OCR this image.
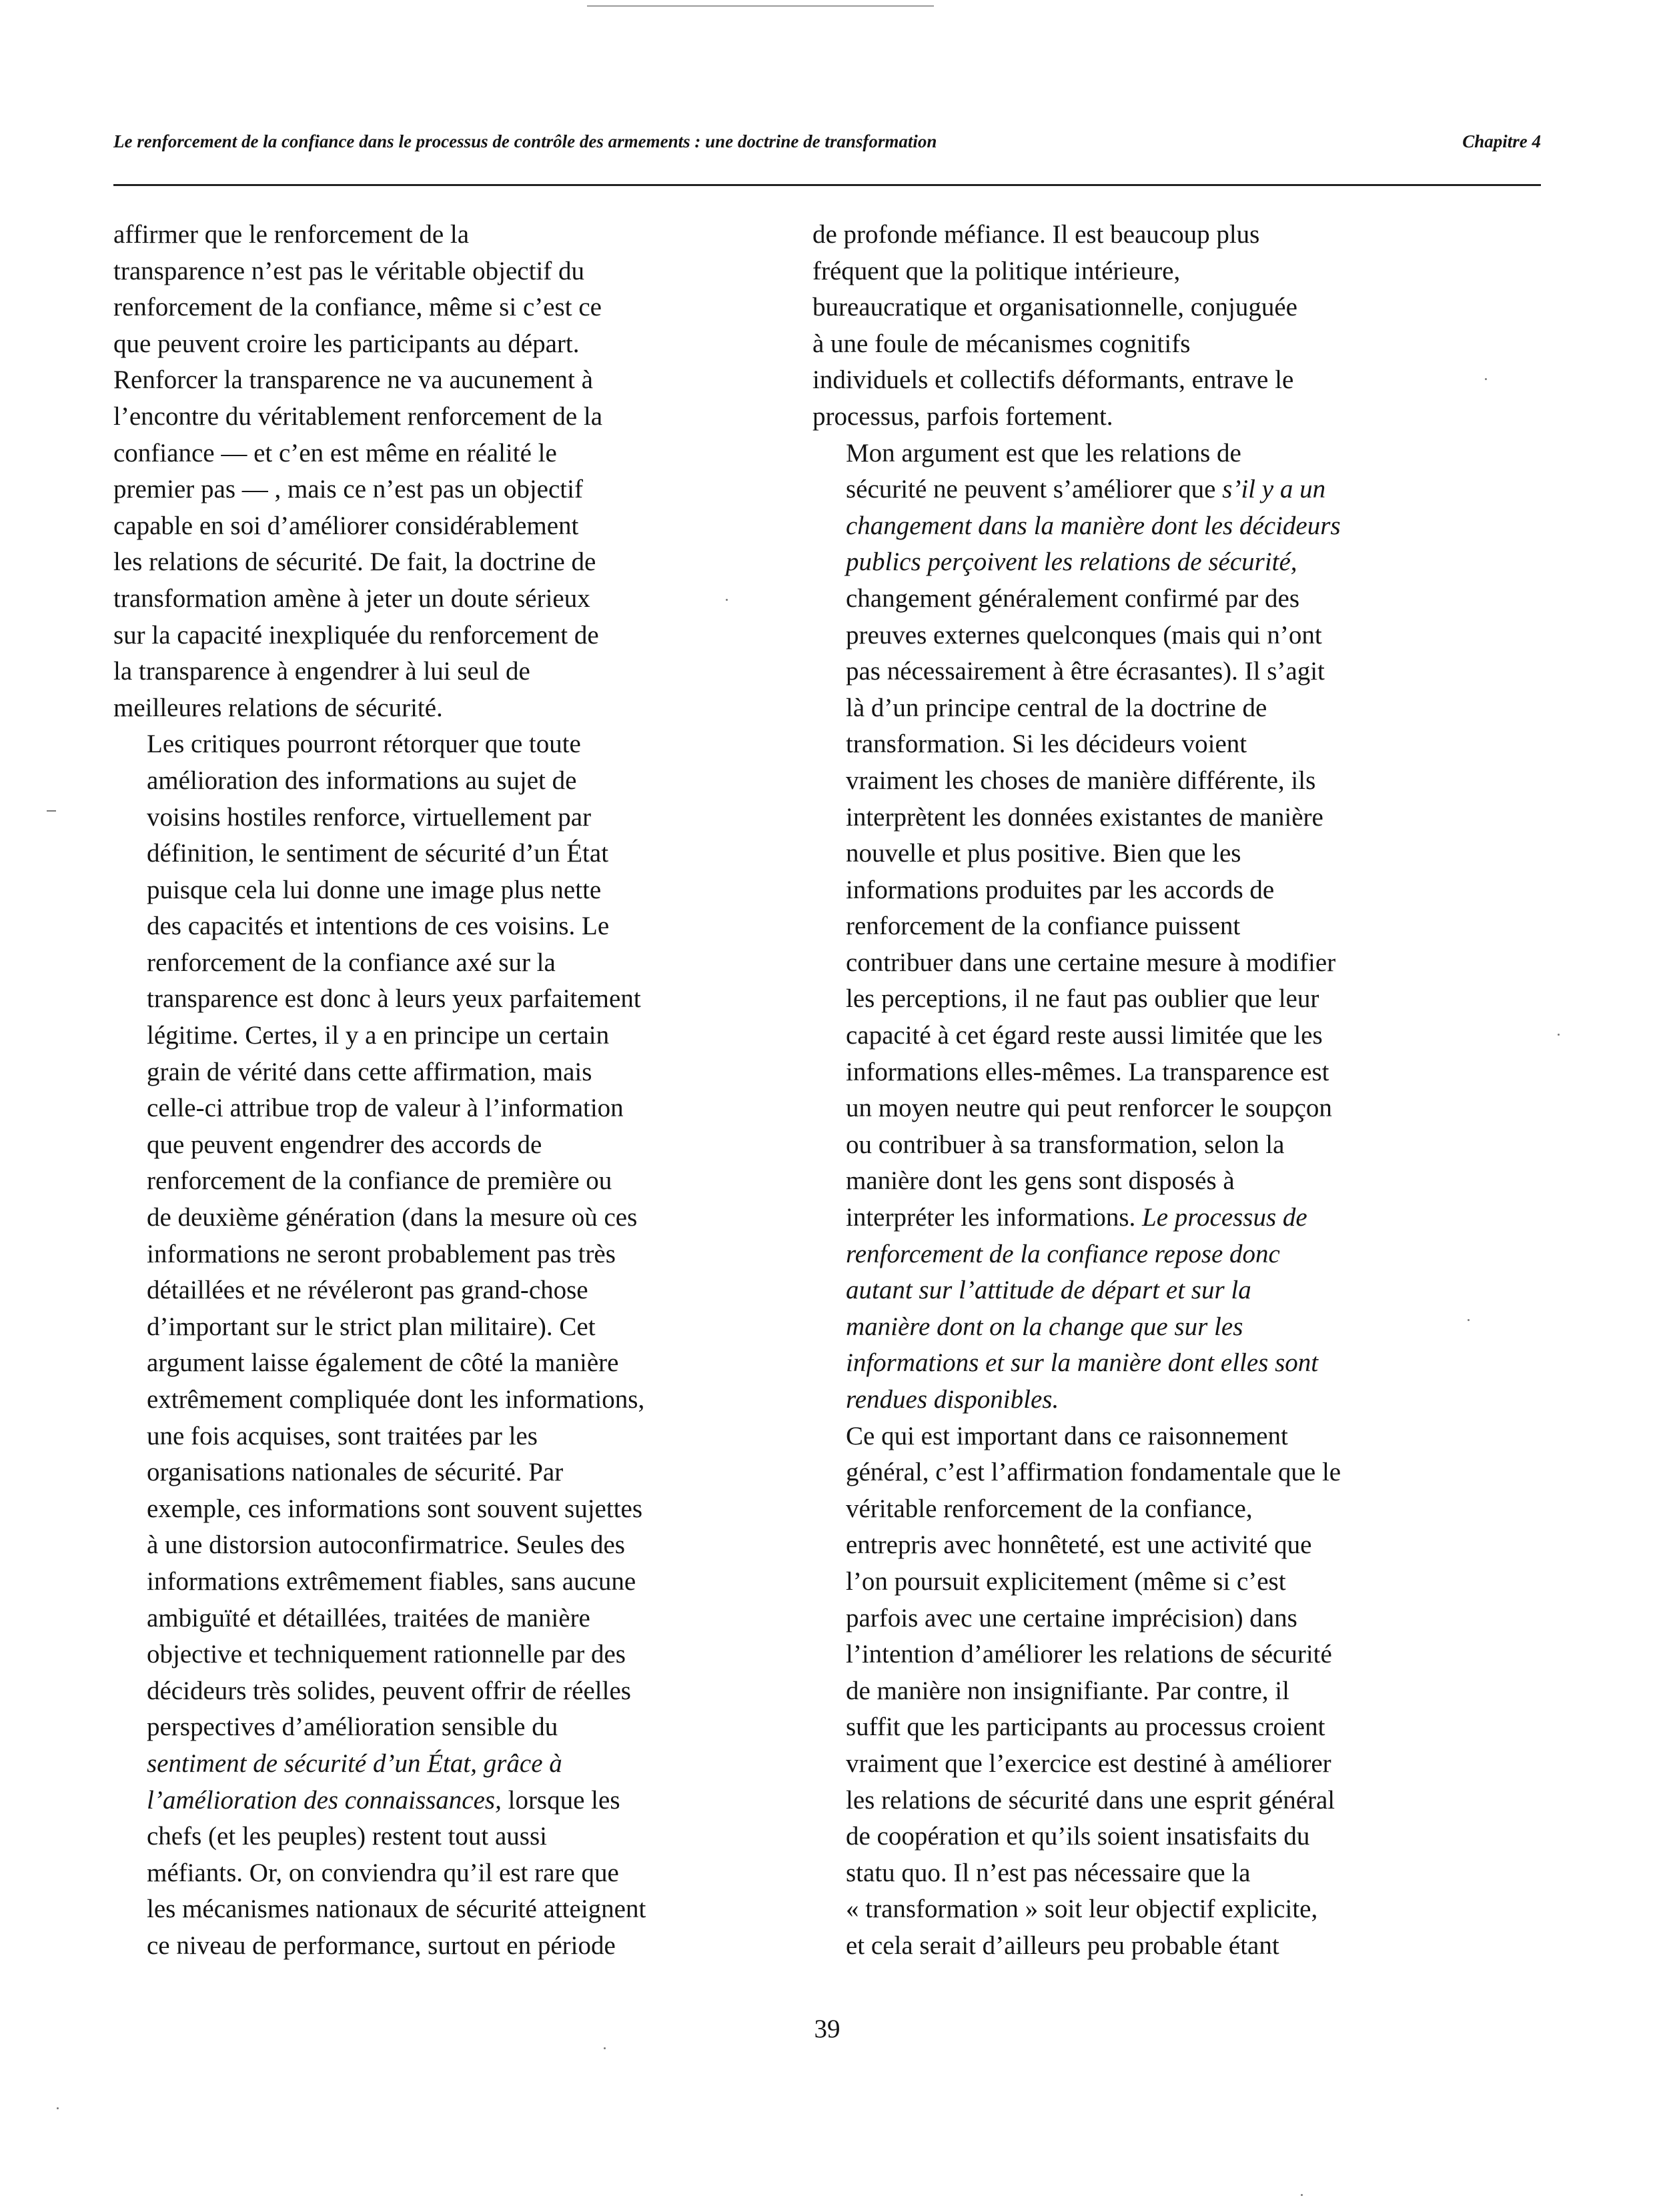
Le renforcement de la confiance dans le processus de contrôle des armements : une doctrine de transformation	Chapitre 4

affirmer que le renforcement de la
transparence n’est pas le véritable objectif du
renforcement de la confiance, même si c’est ce
que peuvent croire les participants au départ.
Renforcer la transparence ne va aucunement à
l’encontre du véritablement renforcement de la
confiance — et c’en est même en réalité le
premier pas — , mais ce n’est pas un objectif
capable en soi d’améliorer considérablement
les relations de sécurité. De fait, la doctrine de
transformation amène à jeter un doute sérieux
sur la capacité inexpliquée du renforcement de
la transparence à engendrer à lui seul de
meilleures relations de sécurité.

Les critiques pourront rétorquer que toute
amélioration des informations au sujet de
voisins hostiles renforce, virtuellement par
définition, le sentiment de sécurité d’un État
puisque cela lui donne une image plus nette
des capacités et intentions de ces voisins. Le
renforcement de la confiance axé sur la
transparence est donc à leurs yeux parfaitement
légitime. Certes, il y a en principe un certain
grain de vérité dans cette affirmation, mais
celle-ci attribue trop de valeur à l’information
que peuvent engendrer des accords de
renforcement de la confiance de première ou
de deuxième génération (dans la mesure où ces
informations ne seront probablement pas très
détaillées et ne révéleront pas grand-chose
d’important sur le strict plan militaire). Cet
argument laisse également de côté la manière
extrêmement compliquée dont les informations,
une fois acquises, sont traitées par les
organisations nationales de sécurité. Par
exemple, ces informations sont souvent sujettes
à une distorsion autoconfirmatrice. Seules des
informations extrêmement fiables, sans aucune
ambiguïté et détaillées, traitées de manière
objective et techniquement rationnelle par des
décideurs très solides, peuvent offrir de réelles
perspectives d’amélioration sensible du
sentiment de sécurité d’un État, grâce à
l’amélioration des connaissances, lorsque les
chefs (et les peuples) restent tout aussi
méfiants. Or, on conviendra qu’il est rare que
les mécanismes nationaux de sécurité atteignent
ce niveau de performance, surtout en période

de profonde méfiance. Il est beaucoup plus
fréquent que la politique intérieure,
bureaucratique et organisationnelle, conjuguée
à une foule de mécanismes cognitifs
individuels et collectifs déformants, entrave le
processus, parfois fortement.

Mon argument est que les relations de
sécurité ne peuvent s’améliorer que s’il y a un
changement dans la manière dont les décideurs
publics perçoivent les relations de sécurité,
changement généralement confirmé par des
preuves externes quelconques (mais qui n’ont
pas nécessairement à être écrasantes). Il s’agit
là d’un principe central de la doctrine de
transformation. Si les décideurs voient
vraiment les choses de manière différente, ils
interprètent les données existantes de manière
nouvelle et plus positive. Bien que les
informations produites par les accords de
renforcement de la confiance puissent
contribuer dans une certaine mesure à modifier
les perceptions, il ne faut pas oublier que leur
capacité à cet égard reste aussi limitée que les
informations elles-mêmes. La transparence est
un moyen neutre qui peut renforcer le soupçon
ou contribuer à sa transformation, selon la
manière dont les gens sont disposés à
interpréter les informations. Le processus de
renforcement de la confiance repose donc
autant sur l’attitude de départ et sur la
manière dont on la change que sur les
informations et sur la manière dont elles sont
rendues disponibles.

Ce qui est important dans ce raisonnement
général, c’est l’affirmation fondamentale que le
véritable renforcement de la confiance,
entrepris avec honnêteté, est une activité que
l’on poursuit explicitement (même si c’est
parfois avec une certaine imprécision) dans
l’intention d’améliorer les relations de sécurité
de manière non insignifiante. Par contre, il
suffit que les participants au processus croient
vraiment que l’exercice est destiné à améliorer
les relations de sécurité dans une esprit général
de coopération et qu’ils soient insatisfaits du
statu quo. Il n’est pas nécessaire que la
« transformation » soit leur objectif explicite,
et cela serait d’ailleurs peu probable étant

39
